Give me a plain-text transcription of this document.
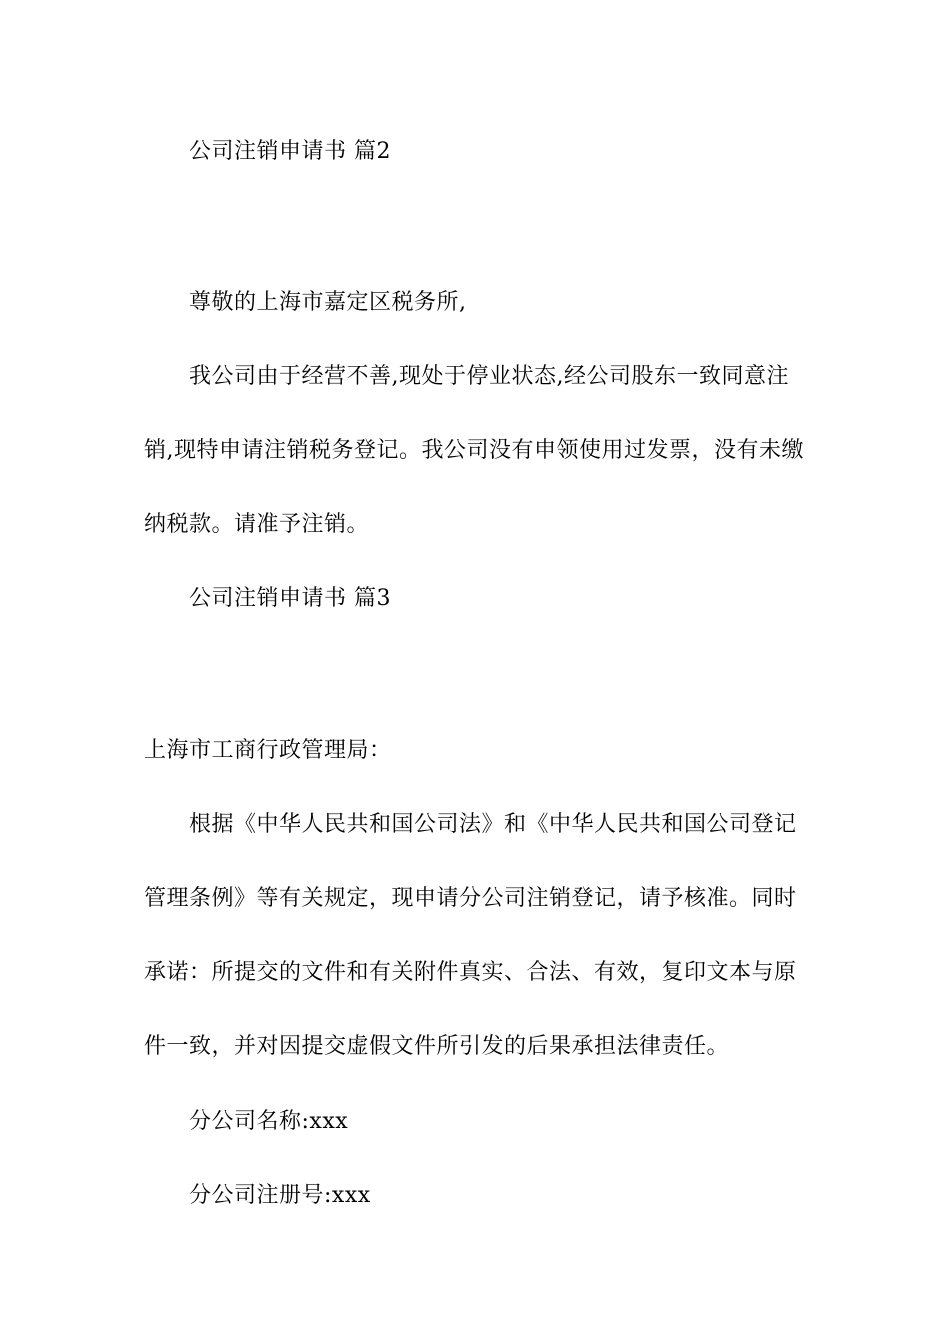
公司注销申请书 篇2
尊敬的上海市嘉定区税务所,
我公司由于经营不善,现处于停业状态,经公司股东一致同意注
销,现特申请注销税务登记。我公司没有申领使用过发票，没有未缴
纳税款。请准予注销。
公司注销申请书 篇3
上海市工商行政管理局：
根据《中华人民共和国公司法》和《中华人民共和国公司登记
管理条例》等有关规定，现申请分公司注销登记，请予核准。同时
承诺：所提交的文件和有关附件真实、合法、有效，复印文本与原
件一致，并对因提交虚假文件所引发的后果承担法律责任。
分公司名称:xxx
分公司注册号:xxx
